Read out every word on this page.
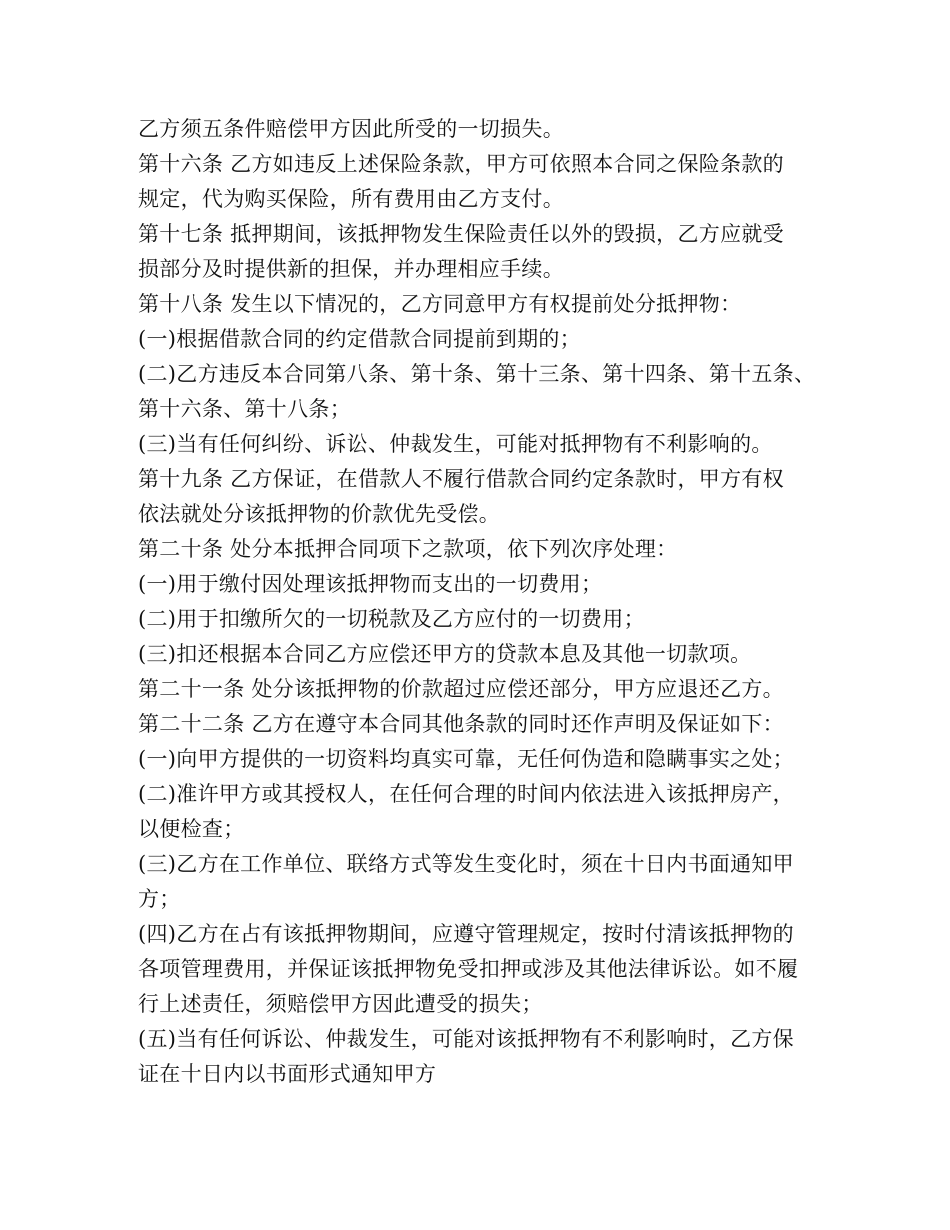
乙方须五条件赔偿甲方因此所受的一切损失。
第十六条 乙方如违反上述保险条款，甲方可依照本合同之保险条款的
规定，代为购买保险，所有费用由乙方支付。
第十七条 抵押期间，该抵押物发生保险责任以外的毁损，乙方应就受
损部分及时提供新的担保，并办理相应手续。
第十八条 发生以下情况的，乙方同意甲方有权提前处分抵押物：
(一)根据借款合同的约定借款合同提前到期的；
(二)乙方违反本合同第八条、第十条、第十三条、第十四条、第十五条、
第十六条、第十八条；
(三)当有任何纠纷、诉讼、仲裁发生，可能对抵押物有不利影响的。
第十九条 乙方保证，在借款人不履行借款合同约定条款时，甲方有权
依法就处分该抵押物的价款优先受偿。
第二十条 处分本抵押合同项下之款项，依下列次序处理：
(一)用于缴付因处理该抵押物而支出的一切费用；
(二)用于扣缴所欠的一切税款及乙方应付的一切费用；
(三)扣还根据本合同乙方应偿还甲方的贷款本息及其他一切款项。
第二十一条 处分该抵押物的价款超过应偿还部分，甲方应退还乙方。
第二十二条 乙方在遵守本合同其他条款的同时还作声明及保证如下：
(一)向甲方提供的一切资料均真实可靠，无任何伪造和隐瞒事实之处；
(二)准许甲方或其授权人，在任何合理的时间内依法进入该抵押房产，
以便检查；
(三)乙方在工作单位、联络方式等发生变化时，须在十日内书面通知甲
方；
(四)乙方在占有该抵押物期间，应遵守管理规定，按时付清该抵押物的
各项管理费用，并保证该抵押物免受扣押或涉及其他法律诉讼。如不履
行上述责任，须赔偿甲方因此遭受的损失；
(五)当有任何诉讼、仲裁发生，可能对该抵押物有不利影响时，乙方保
证在十日内以书面形式通知甲方
